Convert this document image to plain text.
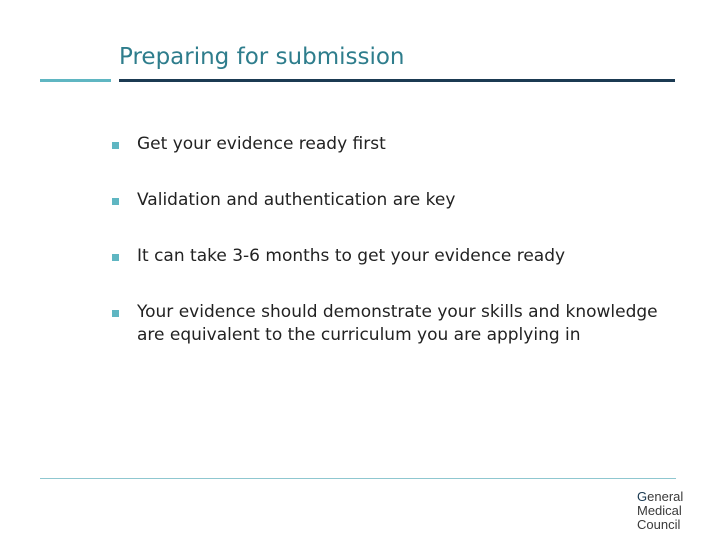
Preparing for submission
Get your evidence ready first
Validation and authentication are key
It can take 3-6 months to get your evidence ready
Your evidence should demonstrate your skills and knowledge are equivalent to the curriculum you are applying in
General
Medical
Council
